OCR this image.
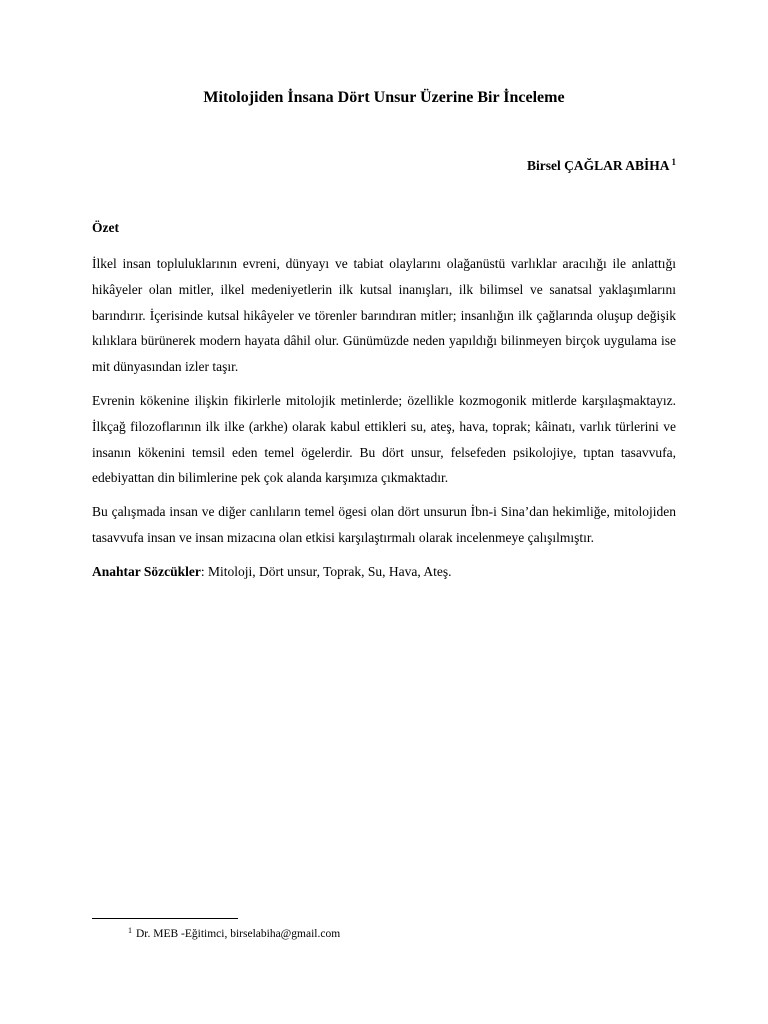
Mitolojiden İnsana Dört Unsur Üzerine Bir İnceleme
Birsel ÇAĞLAR ABİHA $^1$
Özet

İlkel insan topluluklarının evreni, dünyayı ve tabiat olaylarını olağanüstü varlıklar aracılığı ile anlattığı hikâyeler olan mitler, ilkel medeniyetlerin ilk kutsal inanışları, ilk bilimsel ve sanatsal yaklaşımlarını barındırır. İçerisinde kutsal hikâyeler ve törenler barındıran mitler; insanlığın ilk çağlarında oluşup değişik kılıklara bürünerek modern hayata dâhil olur. Günümüzde neden yapıldığı bilinmeyen birçok uygulama ise mit dünyasından izler taşır.

Evrenin kökenine ilişkin fikirlerle mitolojik metinlerde; özellikle kozmogonik mitlerde karşılaşmaktayız. İlkçağ filozoflarının ilk ilke (arkhe) olarak kabul ettikleri su, ateş, hava, toprak; kâinatı, varlık türlerini ve insanın kökenini temsil eden temel ögelerdir. Bu dört unsur, felsefeden psikolojiye, tıptan tasavvufa, edebiyattan din bilimlerine pek çok alanda karşımıza çıkmaktadır.

Bu çalışmada insan ve diğer canlıların temel ögesi olan dört unsurun İbn-i Sina’dan hekimliğe, mitolojiden tasavvufa insan ve insan mizacına olan etkisi karşılaştırmalı olarak incelenmeye çalışılmıştır.

Anahtar Sözcükler: Mitoloji, Dört unsur, Toprak, Su, Hava, Ateş.

$^1$ Dr. MEB -Eğitimci, birselabiha@gmail.com
